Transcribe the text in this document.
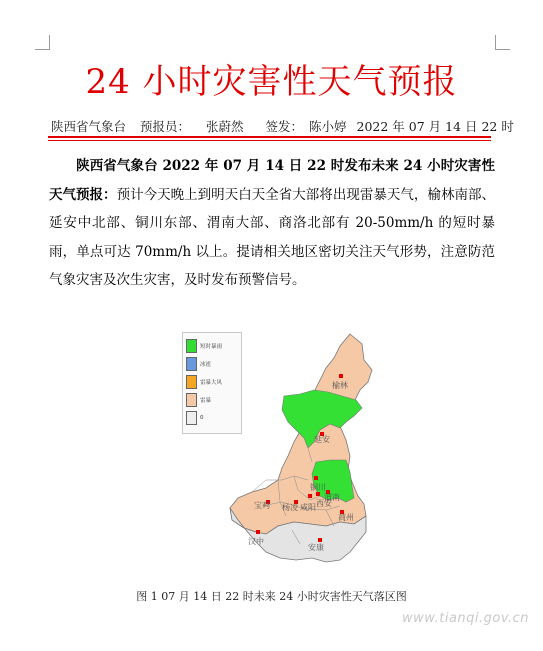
24 小时灾害性天气预报
陕西省气象台 预报员： 张蔚然 签发： 陈小婷 2022 年 07 月 14 日 22 时
陕西省气象台 2022 年 07 月 14 日 22 时发布未来 24 小时灾害性天气预报：预计今天晚上到明天白天全省大部将出现雷暴天气，榆林南部、延安中北部、铜川东部、渭南大部、商洛北部有 20-50mm/h 的短时暴雨，单点可达 70mm/h 以上。提请相关地区密切关注天气形势，注意防范气象灾害及次生灾害，及时发布预警信号。
短时暴雨
冰雹
雷暴大风
雷暴
0
榆林
延安
铜川
宝鸡 杨凌 咸阳 西安
渭南
汉中
安康
商州
图 1 07 月 14 日 22 时未来 24 小时灾害性天气落区图
www.tianqi.gov.cn
